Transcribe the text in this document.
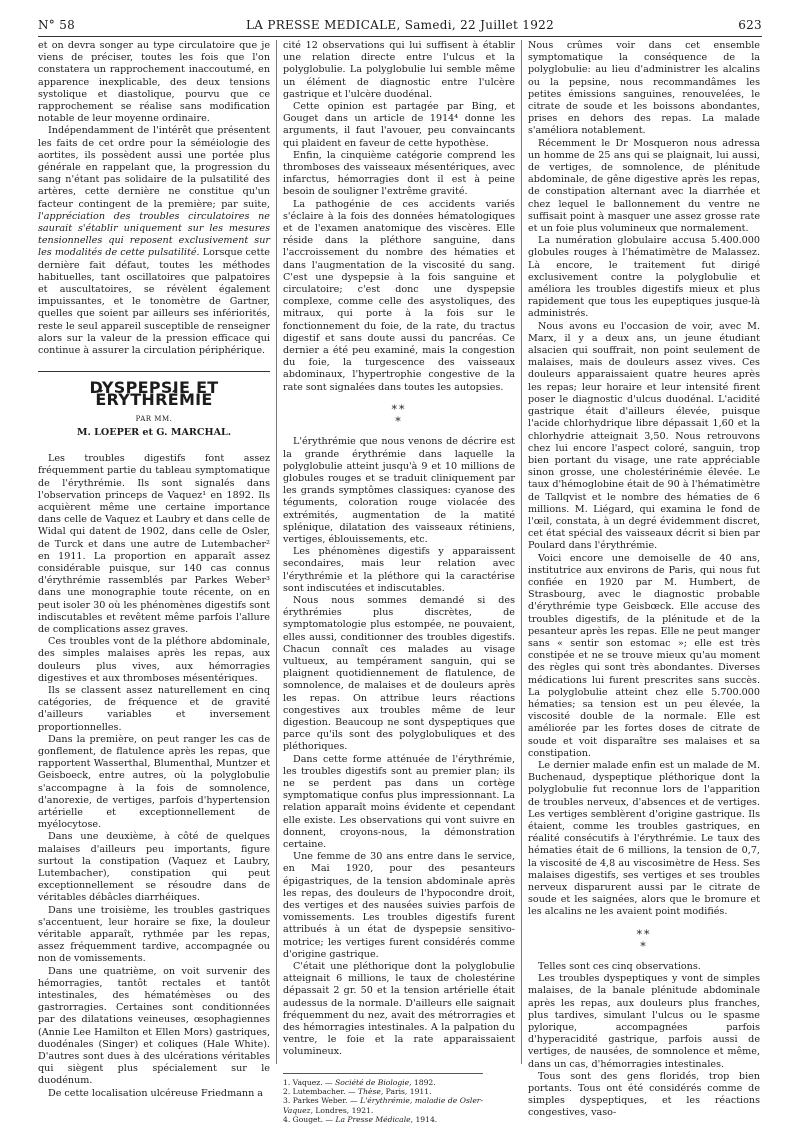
N° 58	LA PRESSE MEDICALE, Samedi, 22 Juillet 1922	623

et on devra songer au type circulatoire que je viens de préciser, toutes les fois que l'on constatera un rapprochement inaccoutumé, en apparence inexplicable, des deux tensions systolique et diastolique, pourvu que ce rapprochement se réalise sans modification notable de leur moyenne ordinaire.

Indépendamment de l'intérêt que présentent les faits de cet ordre pour la séméiologie des aortites, ils possèdent aussi une portée plus générale en rappelant que, la progression du sang n'étant pas solidaire de la pulsatilité des artères, cette dernière ne constitue qu'un facteur contingent de la première; par suite, l'appréciation des troubles circulatoires ne saurait s'établir uniquement sur les mesures tensionnelles qui reposent exclusivement sur les modalités de cette pulsatilité. Lorsque cette dernière fait défaut, toutes les méthodes habituelles, tant oscillatoires que palpatoires et auscultatoires, se révèlent également impuissantes, et le tonomètre de Gartner, quelles que soient par ailleurs ses infériorités, reste le seul appareil susceptible de renseigner alors sur la valeur de la pression efficace qui continue à assurer la circulation périphérique.

DYSPEPSIE ET ÉRYTHRÉMIE
PAR MM.
M. LOEPER et G. MARCHAL.

Les troubles digestifs font assez fréquemment partie du tableau symptomatique de l'érythrémie. Ils sont signalés dans l'observation princeps de Vaquez¹ en 1892. Ils acquièrent même une certaine importance dans celle de Vaquez et Laubry et dans celle de Widal qui datent de 1902, dans celle de Osler, de Turck et dans une autre de Lutembacher² en 1911. La proportion en apparaît assez considérable puisque, sur 140 cas connus d'érythrémie rassemblés par Parkes Weber³ dans une monographie toute récente, on en peut isoler 30 où les phénomènes digestifs sont indiscutables et revêtent même parfois l'allure de complications assez graves.

Ces troubles vont de la pléthore abdominale, des simples malaises après les repas, aux douleurs plus vives, aux hémorragies digestives et aux thromboses mésentériques.

Ils se classent assez naturellement en cinq catégories, de fréquence et de gravité d'ailleurs variables et inversement proportionnelles.

Dans la première, on peut ranger les cas de gonflement, de flatulence après les repas, que rapportent Wasserthal, Blumenthal, Muntzer et Geisboeck, entre autres, où la polyglobulie s'accompagne à la fois de somnolence, d'anorexie, de vertiges, parfois d'hypertension artérielle et exceptionnellement de myélocytose.

Dans une deuxième, à côté de quelques malaises d'ailleurs peu importants, figure surtout la constipation (Vaquez et Laubry, Lutembacher), constipation qui peut exceptionnellement se résoudre dans de véritables débâcles diarrhéiques.

Dans une troisième, les troubles gastriques s'accentuent, leur horaire se fixe, la douleur véritable apparaît, rythmée par les repas, assez fréquemment tardive, accompagnée ou non de vomissements.

Dans une quatrième, on voit survenir des hémorragies, tantôt rectales et tantôt intestinales, des hématémèses ou des gastrorragies. Certaines sont conditionnées par des dilatations veineuses, œsophagiennes (Annie Lee Hamilton et Ellen Mors) gastriques, duodénales (Singer) et coliques (Hale White). D'autres sont dues à des ulcérations véritables qui siègent plus spécialement sur le duodénum.

De cette localisation ulcéreuse Friedmann a

cité 12 observations qui lui suffisent à établir une relation directe entre l'ulcus et la polyglobulie. La polyglobulie lui semble même un élément de diagnostic entre l'ulcère gastrique et l'ulcère duodénal.

Cette opinion est partagée par Bing, et Gouget dans un article de 1914⁴ donne les arguments, il faut l'avouer, peu convaincants qui plaident en faveur de cette hypothèse.

Enfin, la cinquième catégorie comprend les thromboses des vaisseaux mésentériques, avec infarctus, hémorragies dont il est à peine besoin de souligner l'extrême gravité.

La pathogénie de ces accidents variés s'éclaire à la fois des données hématologiques et de l'examen anatomique des viscères. Elle réside dans la pléthore sanguine, dans l'accroissement du nombre des hématies et dans l'augmentation de la viscosité du sang. C'est une dyspepsie à la fois sanguine et circulatoire; c'est donc une dyspepsie complexe, comme celle des asystoliques, des mitraux, qui porte à la fois sur le fonctionnement du foie, de la rate, du tractus digestif et sans doute aussi du pancréas. Ce dernier a été peu examiné, mais la congestion du foie, la turgescence des vaisseaux abdominaux, l'hypertrophie congestive de la rate sont signalées dans toutes les autopsies.

**
*

L'érythrémie que nous venons de décrire est la grande érythrémie dans laquelle la polyglobulie atteint jusqu'à 9 et 10 millions de globules rouges et se traduit cliniquement par les grands symptômes classiques: cyanose des téguments, coloration rouge violacée des extrémités, augmentation de la matité splénique, dilatation des vaisseaux rétiniens, vertiges, éblouissements, etc.

Les phénomènes digestifs y apparaissent secondaires, mais leur relation avec l'érythrémie et la pléthore qui la caractérise sont indiscutées et indiscutables.

Nous nous sommes demandé si des érythrémies plus discrètes, de symptomatologie plus estompée, ne pouvaient, elles aussi, conditionner des troubles digestifs. Chacun connaît ces malades au visage vultueux, au tempérament sanguin, qui se plaignent quotidiennement de flatulence, de somnolence, de malaises et de douleurs après les repas. On attribue leurs réactions congestives aux troubles même de leur digestion. Beaucoup ne sont dyspeptiques que parce qu'ils sont des polyglobuliques et des pléthoriques.

Dans cette forme atténuée de l'érythrémie, les troubles digestifs sont au premier plan; ils ne se perdent pas dans un cortège symptomatique confus plus impressionnant. La relation apparaît moins évidente et cependant elle existe. Les observations qui vont suivre en donnent, croyons-nous, la démonstration certaine.

Une femme de 30 ans entre dans le service, en Mai 1920, pour des pesanteurs épigastriques, de la tension abdominale après les repas, des douleurs de l'hypocondre droit, des vertiges et des nausées suivies parfois de vomissements. Les troubles digestifs furent attribués à un état de dyspepsie sensitivo-motrice; les vertiges furent considérés comme d'origine gastrique.

C'était une pléthorique dont la polyglobulie atteignait 6 millions, le taux de cholestérine dépassait 2 gr. 50 et la tension artérielle était audessus de la normale. D'ailleurs elle saignait fréquemment du nez, avait des métrorragies et des hémorragies intestinales. A la palpation du ventre, le foie et la rate apparaissaient volumineux.

1. Vaquez. — Société de Biologie, 1892.
2. Lutembacher. — Thèse, Paris, 1911.
3. Parkes Weber. — L'érythrémie, maladie de Osler-Vaquez, Londres, 1921.
4. Gouget. — La Presse Médicale, 1914.

Nous crûmes voir dans cet ensemble symptomatique la conséquence de la polyglobulie: au lieu d'administrer les alcalins ou la pepsine, nous recommandâmes les petites émissions sanguines, renouvelées, le citrate de soude et les boissons abondantes, prises en dehors des repas. La malade s'améliora notablement.

Récemment le Dr Mosqueron nous adressa un homme de 25 ans qui se plaignait, lui aussi, de vertiges, de somnolence, de plénitude abdominale, de gêne digestive après les repas, de constipation alternant avec la diarrhée et chez lequel le ballonnement du ventre ne suffisait point à masquer une assez grosse rate et un foie plus volumineux que normalement.

La numération globulaire accusa 5.400.000 globules rouges à l'hématimètre de Malassez. Là encore, le traitement fut dirigé exclusivement contre la polyglobulie et améliora les troubles digestifs mieux et plus rapidement que tous les eupeptiques jusque-là administrés.

Nous avons eu l'occasion de voir, avec M. Marx, il y a deux ans, un jeune étudiant alsacien qui souffrait, non point seulement de malaises, mais de douleurs assez vives. Ces douleurs apparaissaient quatre heures après les repas; leur horaire et leur intensité firent poser le diagnostic d'ulcus duodénal. L'acidité gastrique était d'ailleurs élevée, puisque l'acide chlorhydrique libre dépassait 1,60 et la chlorhydrie atteignait 3,50. Nous retrouvons chez lui encore l'aspect coloré, sanguin, trop bien portant du visage, une rate appréciable sinon grosse, une cholestérinémie élevée. Le taux d'hémoglobine était de 90 à l'hématimètre de Tallqvist et le nombre des hématies de 6 millions. M. Liégard, qui examina le fond de l'œil, constata, à un degré évidemment discret, cet état spécial des vaisseaux décrit si bien par Poulard dans l'érythrémie.

Voici encore une demoiselle de 40 ans, institutrice aux environs de Paris, qui nous fut confiée en 1920 par M. Humbert, de Strasbourg, avec le diagnostic probable d'érythrémie type Geisbœck. Elle accuse des troubles digestifs, de la plénitude et de la pesanteur après les repas. Elle ne peut manger sans « sentir son estomac »; elle est très constipée et ne se trouve mieux qu'au moment des règles qui sont très abondantes. Diverses médications lui furent prescrites sans succès. La polyglobulie atteint chez elle 5.700.000 hématies; sa tension est un peu élevée, la viscosité double de la normale. Elle est améliorée par les fortes doses de citrate de soude et voit disparaître ses malaises et sa constipation.

Le dernier malade enfin est un malade de M. Buchenaud, dyspeptique pléthorique dont la polyglobulie fut reconnue lors de l'apparition de troubles nerveux, d'absences et de vertiges. Les vertiges semblèrent d'origine gastrique. Ils étaient, comme les troubles gastriques, en réalité consécutifs à l'érythrémie. Le taux des hématies était de 6 millions, la tension de 0,7, la viscosité de 4,8 au viscosimètre de Hess. Ses malaises digestifs, ses vertiges et ses troubles nerveux disparurent aussi par le citrate de soude et les saignées, alors que le bromure et les alcalins ne les avaient point modifiés.

**
*

Telles sont ces cinq observations.

Les troubles dyspeptiques y vont de simples malaises, de la banale plénitude abdominale après les repas, aux douleurs plus franches, plus tardives, simulant l'ulcus ou le spasme pylorique, accompagnées parfois d'hyperacidité gastrique, parfois aussi de vertiges, de nausées, de somnolence et même, dans un cas, d'hémorragies intestinales.

Tous sont des gens floridés, trop bien portants. Tous ont été considérés comme de simples dyspeptiques, et les réactions congestives, vaso-
